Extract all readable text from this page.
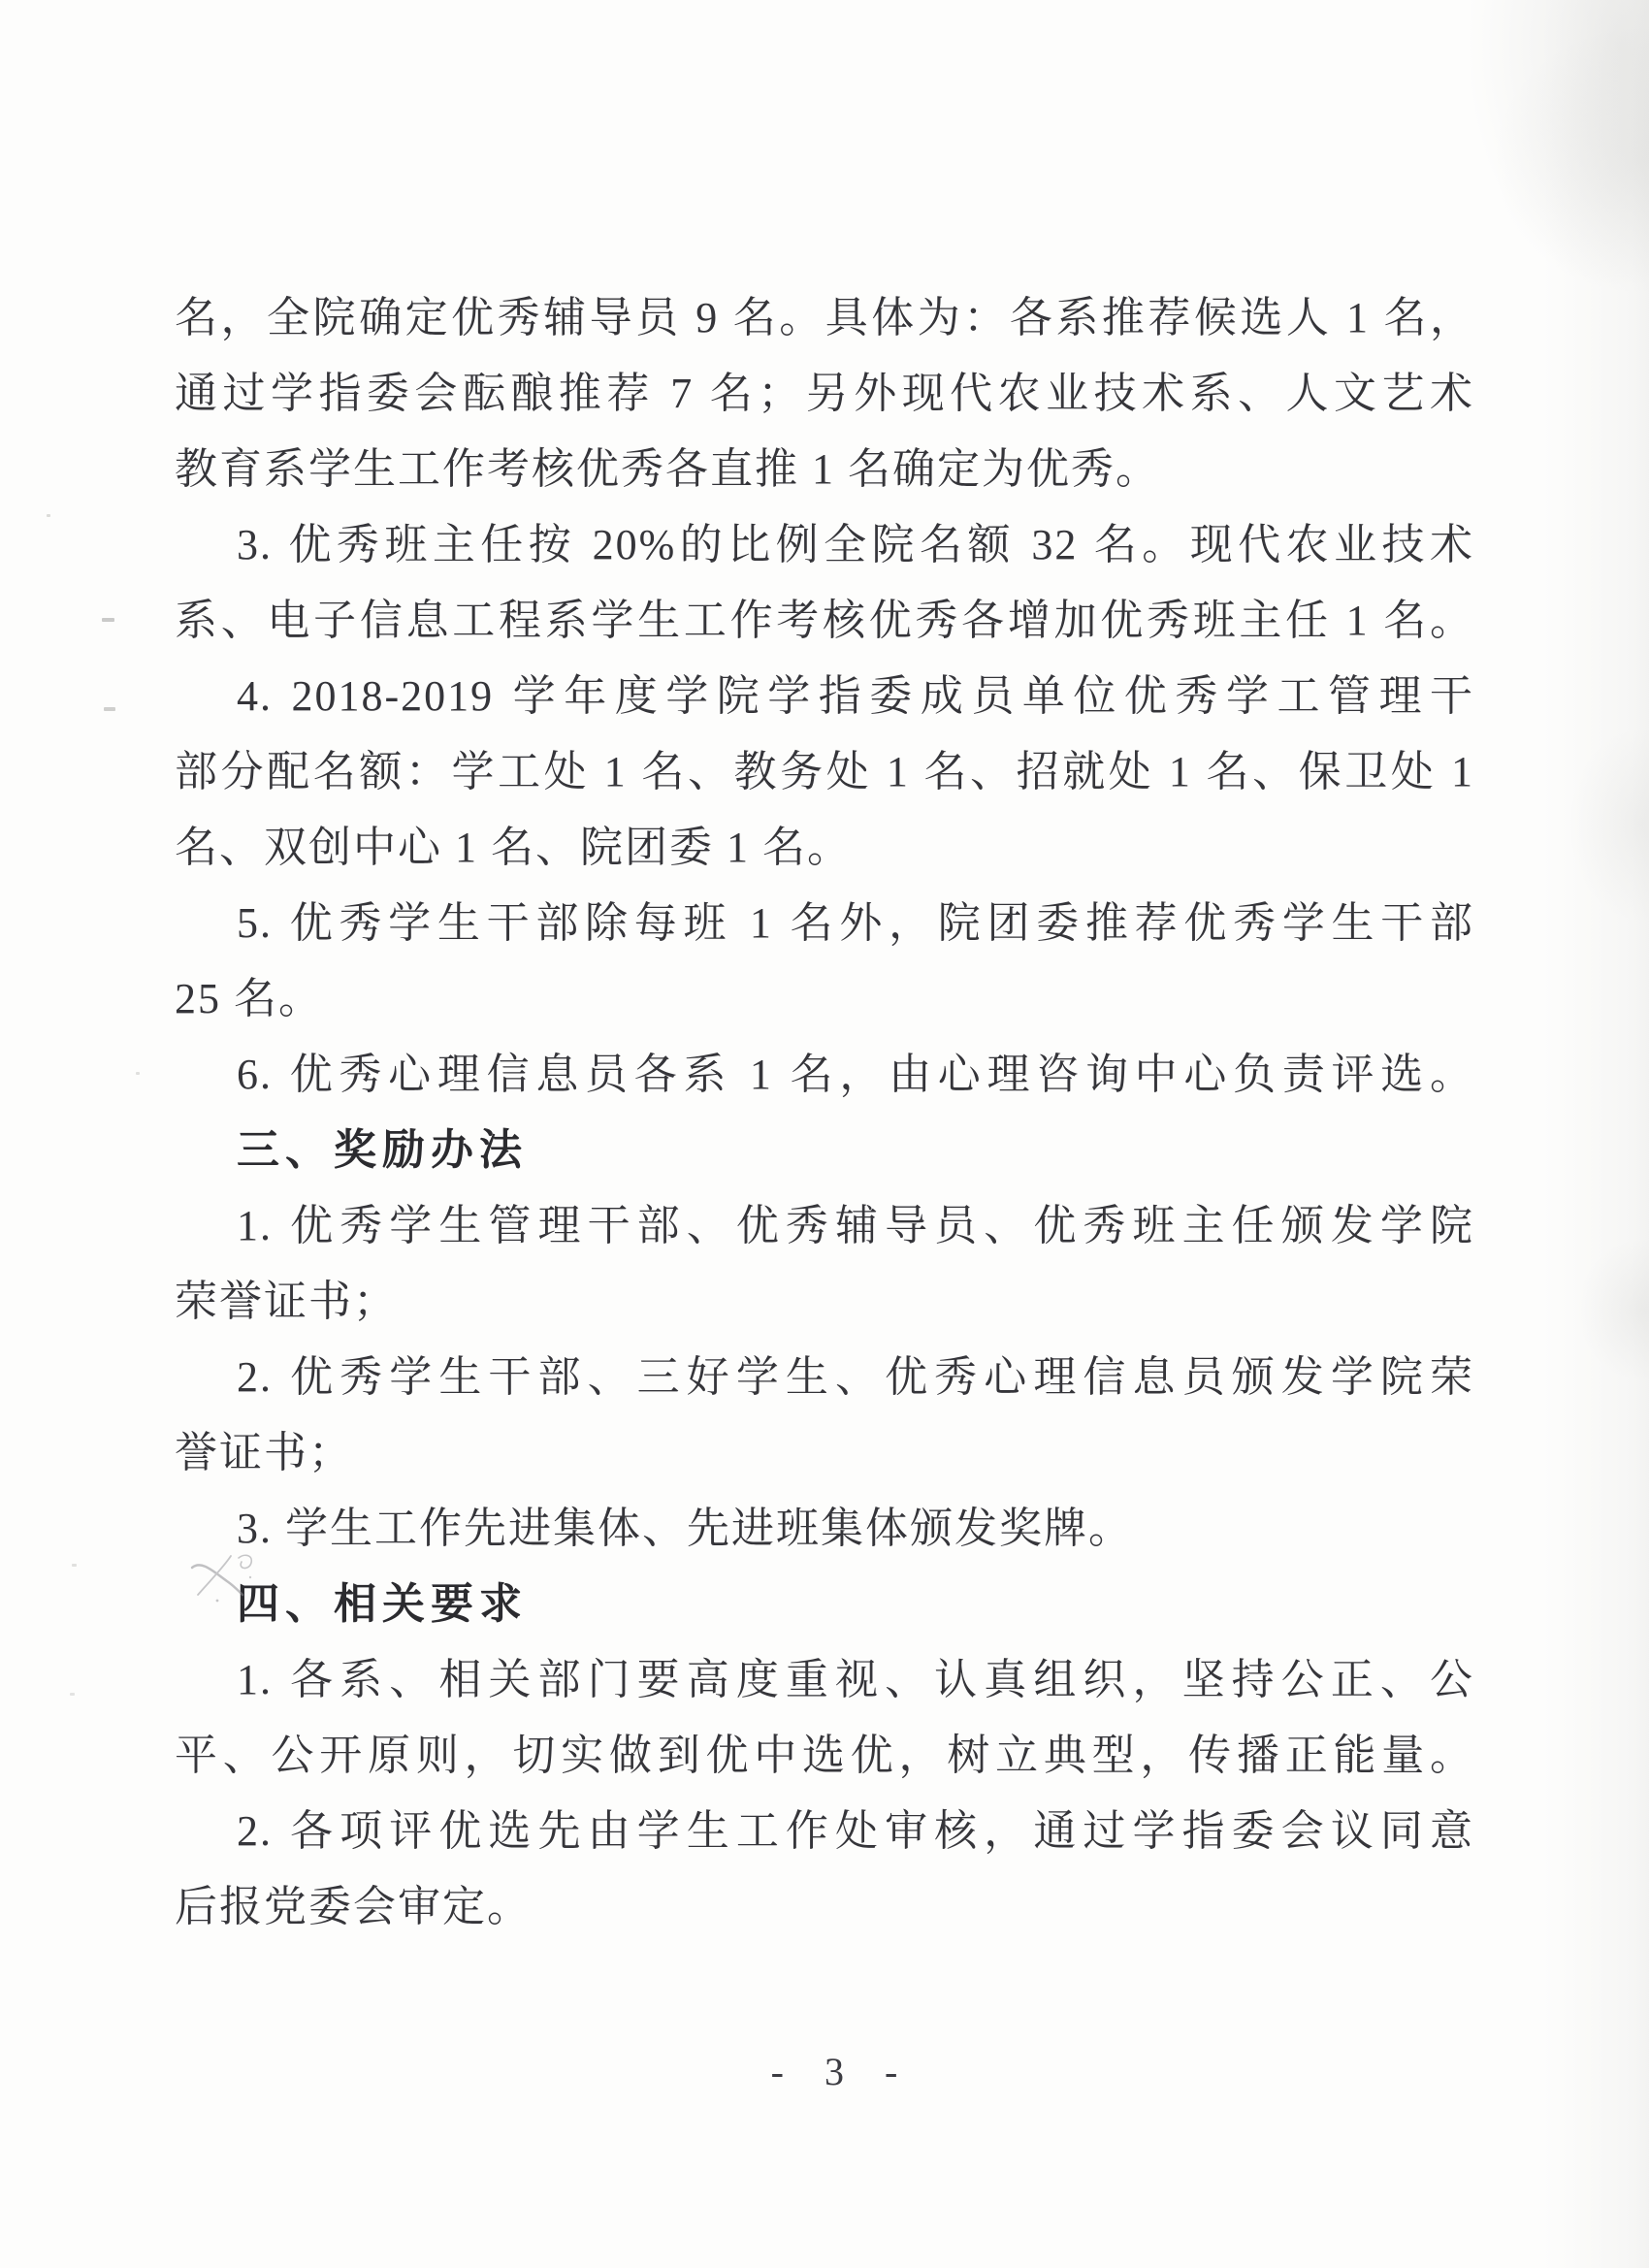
名，全院确定优秀辅导员 9 名。具体为：各系推荐候选人 1 名，
通过学指委会酝酿推荐 7 名；另外现代农业技术系、人文艺术
教育系学生工作考核优秀各直推 1 名确定为优秀。
3. 优秀班主任按 20%的比例全院名额 32 名。现代农业技术
系、电子信息工程系学生工作考核优秀各增加优秀班主任 1 名。
4. 2018-2019 学年度学院学指委成员单位优秀学工管理干
部分配名额：学工处 1 名、教务处 1 名、招就处 1 名、保卫处 1
名、双创中心 1 名、院团委 1 名。
5. 优秀学生干部除每班 1 名外，院团委推荐优秀学生干部
25 名。
6. 优秀心理信息员各系 1 名，由心理咨询中心负责评选。
三、奖励办法
1. 优秀学生管理干部、优秀辅导员、优秀班主任颁发学院
荣誉证书；
2. 优秀学生干部、三好学生、优秀心理信息员颁发学院荣
誉证书；
3. 学生工作先进集体、先进班集体颁发奖牌。
四、相关要求
1. 各系、相关部门要高度重视、认真组织，坚持公正、公
平、公开原则，切实做到优中选优，树立典型，传播正能量。
2. 各项评优选先由学生工作处审核，通过学指委会议同意
后报党委会审定。
- 3 -
